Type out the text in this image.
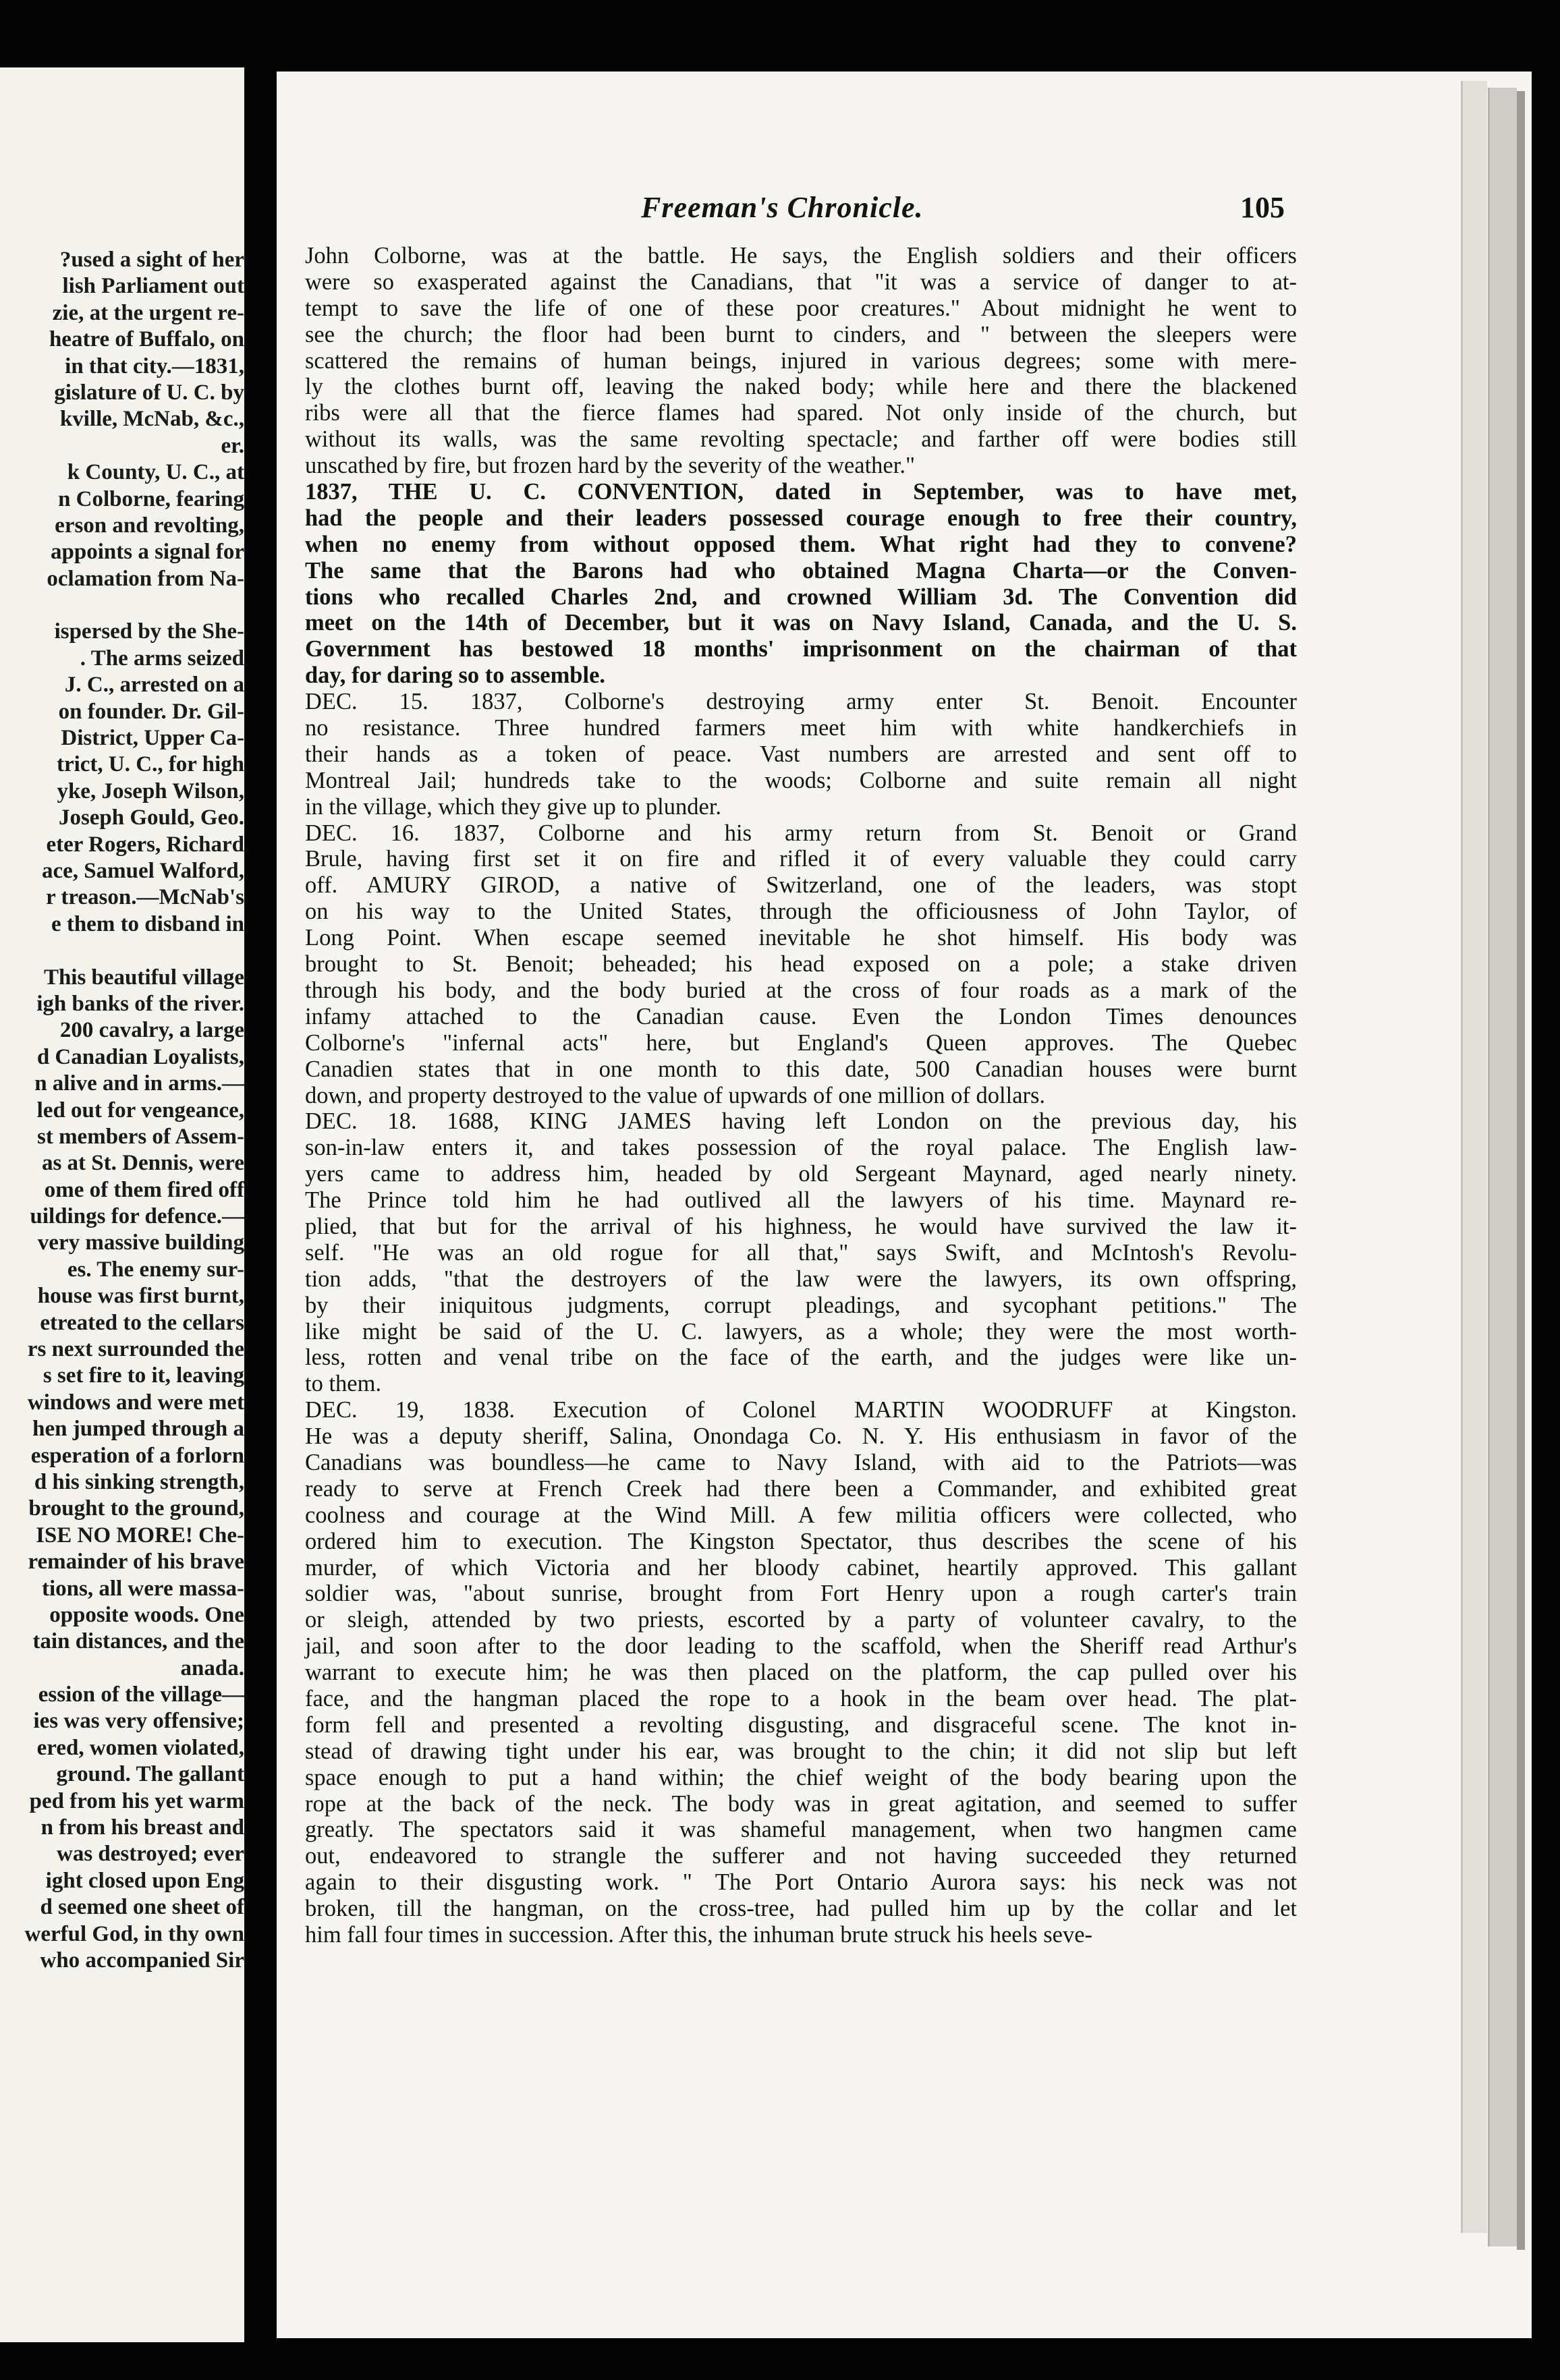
?used a sight of her
lish Parliament out
zie, at the urgent re-
heatre of Buffalo, on
in that city.—1831,
gislature of U. C. by
kville, McNab, &c.,
er.
k County, U. C., at
n Colborne, fearing
erson and revolting,
appoints a signal for
oclamation from Na-
ispersed by the She-
. The arms seized
J. C., arrested on a
on founder. Dr. Gil-
District, Upper Ca-
trict, U. C., for high
yke, Joseph Wilson,
Joseph Gould, Geo.
eter Rogers, Richard
ace, Samuel Walford,
r treason.—McNab's
e them to disband in
This beautiful village
igh banks of the river.
200 cavalry, a large
d Canadian Loyalists,
n alive and in arms.—
led out for vengeance,
st members of Assem-
as at St. Dennis, were
ome of them fired off
uildings for defence.—
very massive building
es. The enemy sur-
house was first burnt,
etreated to the cellars
rs next surrounded the
s set fire to it, leaving
windows and were met
hen jumped through a
esperation of a forlorn
d his sinking strength,
brought to the ground,
ISE NO MORE! Che-
remainder of his brave
tions, all were massa-
opposite woods. One
tain distances, and the
anada.
ession of the village—
ies was very offensive;
ered, women violated,
ground. The gallant
ped from his yet warm
n from his breast and
was destroyed; ever
ight closed upon Eng
d seemed one sheet of
werful God, in thy own
who accompanied Sir
Freeman's Chronicle.	105
John Colborne, was at the battle. He says, the English soldiers and their officers
were so exasperated against the Canadians, that "it was a service of danger to at-
tempt to save the life of one of these poor creatures." About midnight he went to
see the church; the floor had been burnt to cinders, and " between the sleepers were
scattered the remains of human beings, injured in various degrees; some with mere-
ly the clothes burnt off, leaving the naked body; while here and there the blackened
ribs were all that the fierce flames had spared. Not only inside of the church, but
without its walls, was the same revolting spectacle; and farther off were bodies still
unscathed by fire, but frozen hard by the severity of the weather."
1837, THE U. C. CONVENTION, dated in September, was to have met,
had the people and their leaders possessed courage enough to free their country,
when no enemy from without opposed them. What right had they to convene?
The same that the Barons had who obtained Magna Charta—or the Conven-
tions who recalled Charles 2nd, and crowned William 3d. The Convention did
meet on the 14th of December, but it was on Navy Island, Canada, and the U. S.
Government has bestowed 18 months' imprisonment on the chairman of that
day, for daring so to assemble.
DEC. 15. 1837, Colborne's destroying army enter St. Benoit. Encounter
no resistance. Three hundred farmers meet him with white handkerchiefs in
their hands as a token of peace. Vast numbers are arrested and sent off to
Montreal Jail; hundreds take to the woods; Colborne and suite remain all night
in the village, which they give up to plunder.
DEC. 16. 1837, Colborne and his army return from St. Benoit or Grand
Brule, having first set it on fire and rifled it of every valuable they could carry
off. AMURY GIROD, a native of Switzerland, one of the leaders, was stopt
on his way to the United States, through the officiousness of John Taylor, of
Long Point. When escape seemed inevitable he shot himself. His body was
brought to St. Benoit; beheaded; his head exposed on a pole; a stake driven
through his body, and the body buried at the cross of four roads as a mark of the
infamy attached to the Canadian cause. Even the London Times denounces
Colborne's "infernal acts" here, but England's Queen approves. The Quebec
Canadien states that in one month to this date, 500 Canadian houses were burnt
down, and property destroyed to the value of upwards of one million of dollars.
DEC. 18. 1688, KING JAMES having left London on the previous day, his
son-in-law enters it, and takes possession of the royal palace. The English law-
yers came to address him, headed by old Sergeant Maynard, aged nearly ninety.
The Prince told him he had outlived all the lawyers of his time. Maynard re-
plied, that but for the arrival of his highness, he would have survived the law it-
self. "He was an old rogue for all that," says Swift, and McIntosh's Revolu-
tion adds, "that the destroyers of the law were the lawyers, its own offspring,
by their iniquitous judgments, corrupt pleadings, and sycophant petitions." The
like might be said of the U. C. lawyers, as a whole; they were the most worth-
less, rotten and venal tribe on the face of the earth, and the judges were like un-
to them.
DEC. 19, 1838. Execution of Colonel MARTIN WOODRUFF at Kingston.
He was a deputy sheriff, Salina, Onondaga Co. N. Y. His enthusiasm in favor of the
Canadians was boundless—he came to Navy Island, with aid to the Patriots—was
ready to serve at French Creek had there been a Commander, and exhibited great
coolness and courage at the Wind Mill. A few militia officers were collected, who
ordered him to execution. The Kingston Spectator, thus describes the scene of his
murder, of which Victoria and her bloody cabinet, heartily approved. This gallant
soldier was, "about sunrise, brought from Fort Henry upon a rough carter's train
or sleigh, attended by two priests, escorted by a party of volunteer cavalry, to the
jail, and soon after to the door leading to the scaffold, when the Sheriff read Arthur's
warrant to execute him; he was then placed on the platform, the cap pulled over his
face, and the hangman placed the rope to a hook in the beam over head. The plat-
form fell and presented a revolting disgusting, and disgraceful scene. The knot in-
stead of drawing tight under his ear, was brought to the chin; it did not slip but left
space enough to put a hand within; the chief weight of the body bearing upon the
rope at the back of the neck. The body was in great agitation, and seemed to suffer
greatly. The spectators said it was shameful management, when two hangmen came
out, endeavored to strangle the sufferer and not having succeeded they returned
again to their disgusting work. " The Port Ontario Aurora says: his neck was not
broken, till the hangman, on the cross-tree, had pulled him up by the collar and let
him fall four times in succession. After this, the inhuman brute struck his heels seve-
